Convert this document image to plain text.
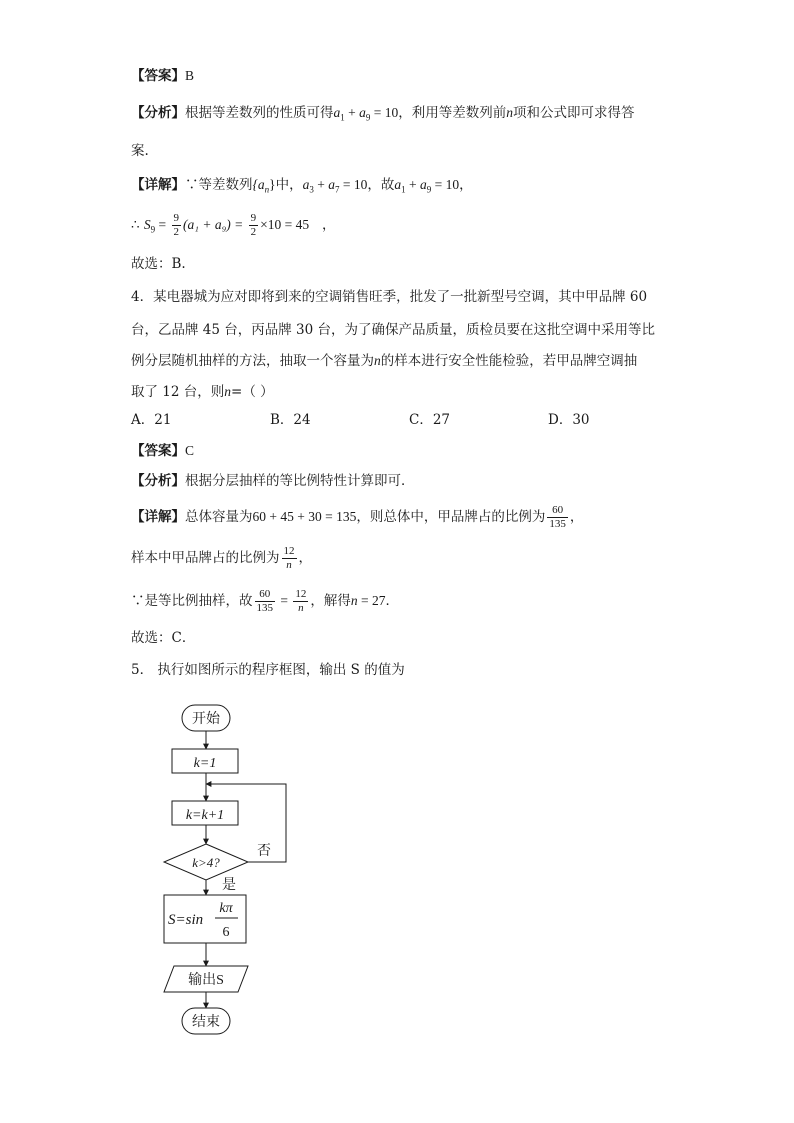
【答案】B
【分析】根据等差数列的性质可得$a_1 + a_9 = 10$，利用等差数列前n项和公式即可求得答
案.
【详解】∵等差数列$\{a_n\}$中，$a_3 + a_7 = 10$，故$a_1 + a_9 = 10$，
∴ $S_9 = \frac{9}{2} (a_1 + a_9) = \frac{9}{2} \times 10 = 45$ ，
故选：B.
4．某电器城为应对即将到来的空调销售旺季，批发了一批新型号空调，其中甲品牌 60
台，乙品牌 45 台，丙品牌 30 台，为了确保产品质量，质检员要在这批空调中采用等比
例分层随机抽样的方法，抽取一个容量为n的样本进行安全性能检验，若甲品牌空调抽
取了 12 台，则n=（ ）
A．21	B．24	C．27	D．30
【答案】C
【分析】根据分层抽样的等比例特性计算即可．
【详解】总体容量为60 + 45 + 30 = 135，则总体中，甲品牌占的比例为 $\frac{60}{135}$ ，
样本中甲品牌占的比例为 $\frac{12}{n}$ ，
∵是等比例抽样，故 $\frac{60}{135} = \frac{12}{n}$ ，解得n = 27．
故选：C．
5． 执行如图所示的程序框图，输出 S 的值为
开始
k=1
k=k+1
k>4?
否
是
S=sin
kπ
6
输出S
结束
